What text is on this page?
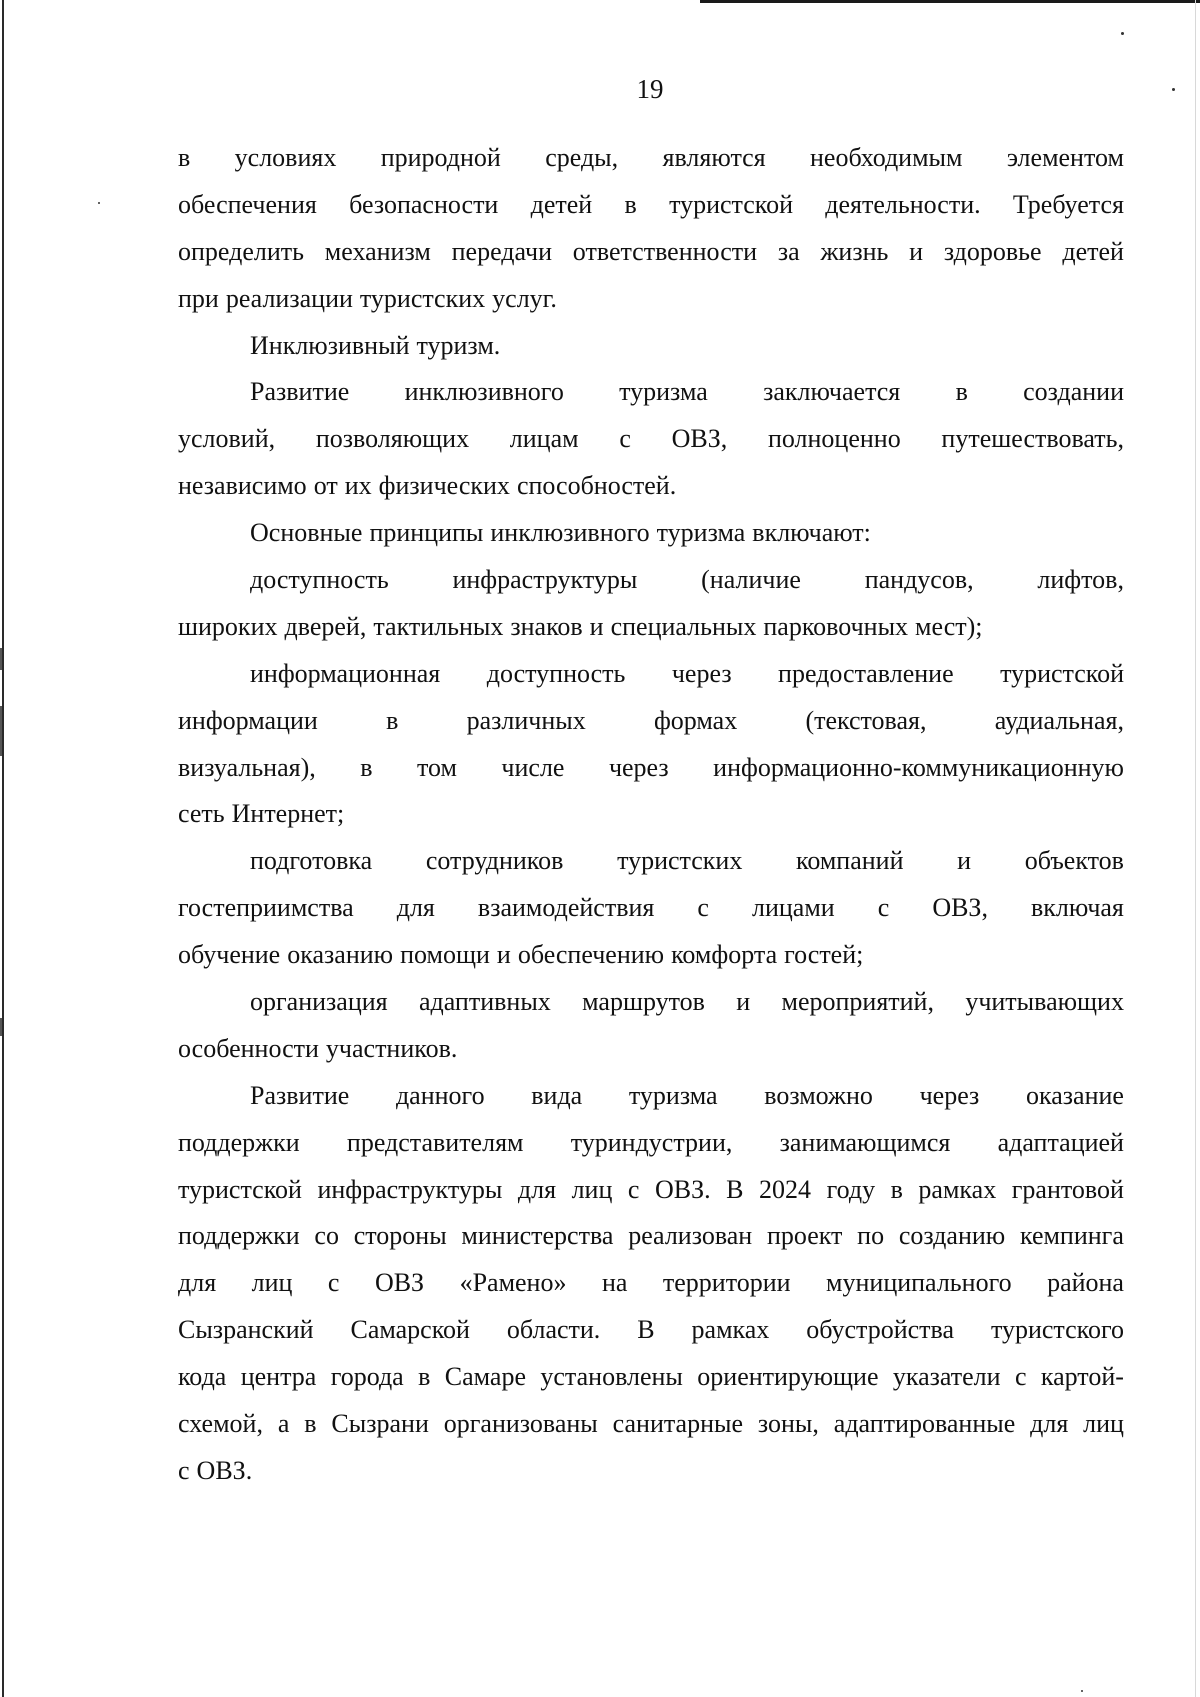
19
в условиях природной среды, являются необходимым элементом
обеспечения безопасности детей в туристской деятельности. Требуется
определить механизм передачи ответственности за жизнь и здоровье детей
при реализации туристских услуг.
Инклюзивный туризм.
Развитие инклюзивного туризма заключается в создании
условий, позволяющих лицам с ОВЗ, полноценно путешествовать,
независимо от их физических способностей.
Основные принципы инклюзивного туризма включают:
доступность инфраструктуры (наличие пандусов, лифтов,
широких дверей, тактильных знаков и специальных парковочных мест);
информационная доступность через предоставление туристской
информации	в	различных	формах	(текстовая,	аудиальная,
визуальная), в том числе через информационно-коммуникационную
сеть Интернет;
подготовка сотрудников туристских компаний и объектов
гостеприимства для взаимодействия с лицами с ОВЗ, включая
обучение оказанию помощи и обеспечению комфорта гостей;
организация адаптивных маршрутов и мероприятий, учитывающих
особенности участников.
Развитие данного вида туризма возможно через оказание
поддержки представителям туриндустрии, занимающимся адаптацией
туристской инфраструктуры для лиц с ОВЗ. В 2024 году в рамках грантовой
поддержки со стороны министерства реализован проект по созданию кемпинга
для лиц с ОВЗ «Рамено» на территории муниципального района
Сызранский Самарской области. В рамках обустройства туристского
кода центра города в Самаре установлены ориентирующие указатели с картой-
схемой, а в Сызрани организованы санитарные зоны, адаптированные для лиц
с ОВЗ.
